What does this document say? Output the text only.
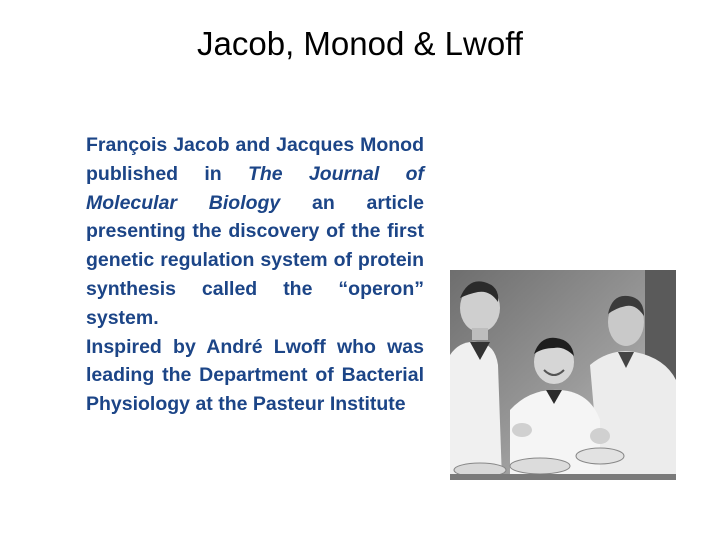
Jacob, Monod & Lwoff

François Jacob and Jacques Monod published in The Journal of Molecular Biology an article presenting the discovery of the first genetic regulation system of protein synthesis called the “operon” system.

Inspired by André Lwoff who was leading the Department of Bacterial Physiology at the Pasteur Institute
